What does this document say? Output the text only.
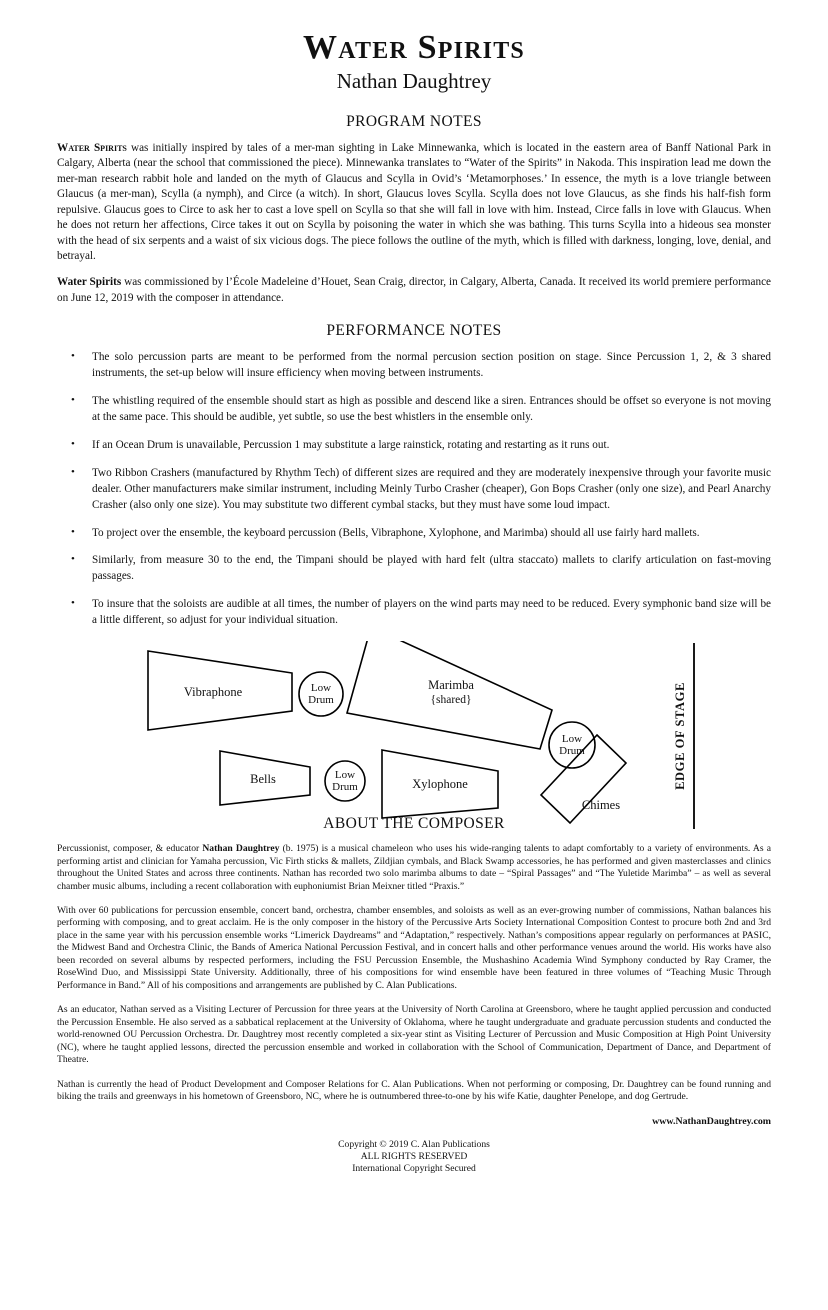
Water Spirits
Nathan Daughtrey
PROGRAM NOTES

Water Spirits was initially inspired by tales of a mer-man sighting in Lake Minnewanka, which is located in the eastern area of Banff National Park in Calgary, Alberta (near the school that commissioned the piece). Minnewanka translates to “Water of the Spirits” in Nakoda. This inspiration lead me down the mer-man research rabbit hole and landed on the myth of Glaucus and Scylla in Ovid’s ‘Metamorphoses.’ In essence, the myth is a love triangle between Glaucus (a mer-man), Scylla (a nymph), and Circe (a witch). In short, Glaucus loves Scylla. Scylla does not love Glaucus, as she finds his half-fish form repulsive. Glaucus goes to Circe to ask her to cast a love spell on Scylla so that she will fall in love with him. Instead, Circe falls in love with Glaucus. When he does not return her affections, Circe takes it out on Scylla by poisoning the water in which she was bathing. This turns Scylla into a hideous sea monster with the head of six serpents and a waist of six vicious dogs. The piece follows the outline of the myth, which is filled with darkness, longing, love, denial, and betrayal.

Water Spirits was commissioned by l’École Madeleine d’Houet, Sean Craig, director, in Calgary, Alberta, Canada. It received its world premiere performance on June 12, 2019 with the composer in attendance.

PERFORMANCE NOTES
• The solo percussion parts are meant to be performed from the normal percusion section position on stage. Since Percussion 1, 2, & 3 shared instruments, the set-up below will insure efficiency when moving between instruments.
• The whistling required of the ensemble should start as high as possible and descend like a siren. Entrances should be offset so everyone is not moving at the same pace. This should be audible, yet subtle, so use the best whistlers in the ensemble only.
• If an Ocean Drum is unavailable, Percussion 1 may substitute a large rainstick, rotating and restarting as it runs out.
• Two Ribbon Crashers (manufactured by Rhythm Tech) of different sizes are required and they are moderately inexpensive through your favorite music dealer. Other manufacturers make similar instrument, including Meinly Turbo Crasher (cheaper), Gon Bops Crasher (only one size), and Pearl Anarchy Crasher (also only one size). You may substitute two different cymbal stacks, but they must have some loud impact.
• To project over the ensemble, the keyboard percussion (Bells, Vibraphone, Xylophone, and Marimba) should all use fairly hard mallets.
• Similarly, from measure 30 to the end, the Timpani should be played with hard felt (ultra staccato) mallets to clarify articulation on fast-moving passages.
• To insure that the soloists are audible at all times, the number of players on the wind parts may need to be reduced. Every symphonic band size will be a little different, so adjust for your individual situation.
Vibraphone	Marimba
{shared}
Bells	Xylophone
Chimes
Low
Drum
Low
Drum
Low
Drum	EDGE OF STAGE
ABOUT THE COMPOSER

Percussionist, composer, & educator Nathan Daughtrey (b. 1975) is a musical chameleon who uses his wide-ranging talents to adapt comfortably to a variety of environments. As a performing artist and clinician for Yamaha percussion, Vic Firth sticks & mallets, Zildjian cymbals, and Black Swamp accessories, he has performed and given masterclasses and clinics throughout the United States and across three continents. Nathan has recorded two solo marimba albums to date – “Spiral Passages” and “The Yuletide Marimba” – as well as several chamber music albums, including a recent collaboration with euphoniumist Brian Meixner titled “Praxis.”

With over 60 publications for percussion ensemble, concert band, orchestra, chamber ensembles, and soloists as well as an ever-growing number of commissions, Nathan balances his performing with composing, and to great acclaim. He is the only composer in the history of the Percussive Arts Society International Composition Contest to procure both 2nd and 3rd place in the same year with his percussion ensemble works “Limerick Daydreams” and “Adaptation,” respectively. Nathan’s compositions appear regularly on performances at PASIC, the Midwest Band and Orchestra Clinic, the Bands of America National Percussion Festival, and in concert halls and other performance venues around the world. His works have also been recorded on several albums by respected performers, including the FSU Percussion Ensemble, the Mushashino Academia Wind Symphony conducted by Ray Cramer, the RoseWind Duo, and Mississippi State University. Additionally, three of his compositions for wind ensemble have been featured in three volumes of “Teaching Music Through Performance in Band.” All of his compositions and arrangements are published by C. Alan Publications.

As an educator, Nathan served as a Visiting Lecturer of Percussion for three years at the University of North Carolina at Greensboro, where he taught applied percussion and conducted the Percussion Ensemble. He also served as a sabbatical replacement at the University of Oklahoma, where he taught undergraduate and graduate percussion students and conducted the world-renowned OU Percussion Orchestra. Dr. Daughtrey most recently completed a six-year stint as Visiting Lecturer of Percussion and Music Composition at High Point University (NC), where he taught applied lessons, directed the percussion ensemble and worked in collaboration with the School of Communication, Department of Dance, and Department of Theatre.

Nathan is currently the head of Product Development and Composer Relations for C. Alan Publications. When not performing or composing, Dr. Daughtrey can be found running and biking the trails and greenways in his hometown of Greensboro, NC, where he is outnumbered three-to-one by his wife Katie, daughter Penelope, and dog Gertrude.

www.NathanDaughtrey.com
Copyright © 2019 C. Alan Publications
ALL RIGHTS RESERVED
International Copyright Secured
